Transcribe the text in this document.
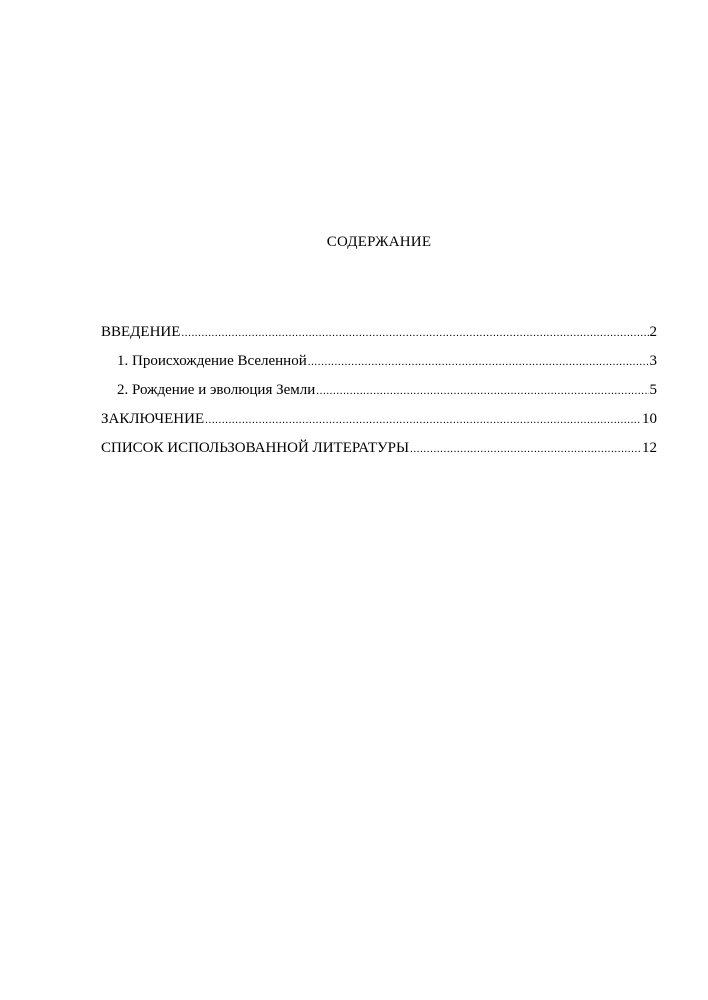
СОДЕРЖАНИЕ
ВВЕДЕНИЕ .....	2
1. Происхождение Вселенной .....	3
2. Рождение и эволюция Земли .....	5
ЗАКЛЮЧЕНИЕ .....	10
СПИСОК ИСПОЛЬЗОВАННОЙ ЛИТЕРАТУРЫ .....	12
